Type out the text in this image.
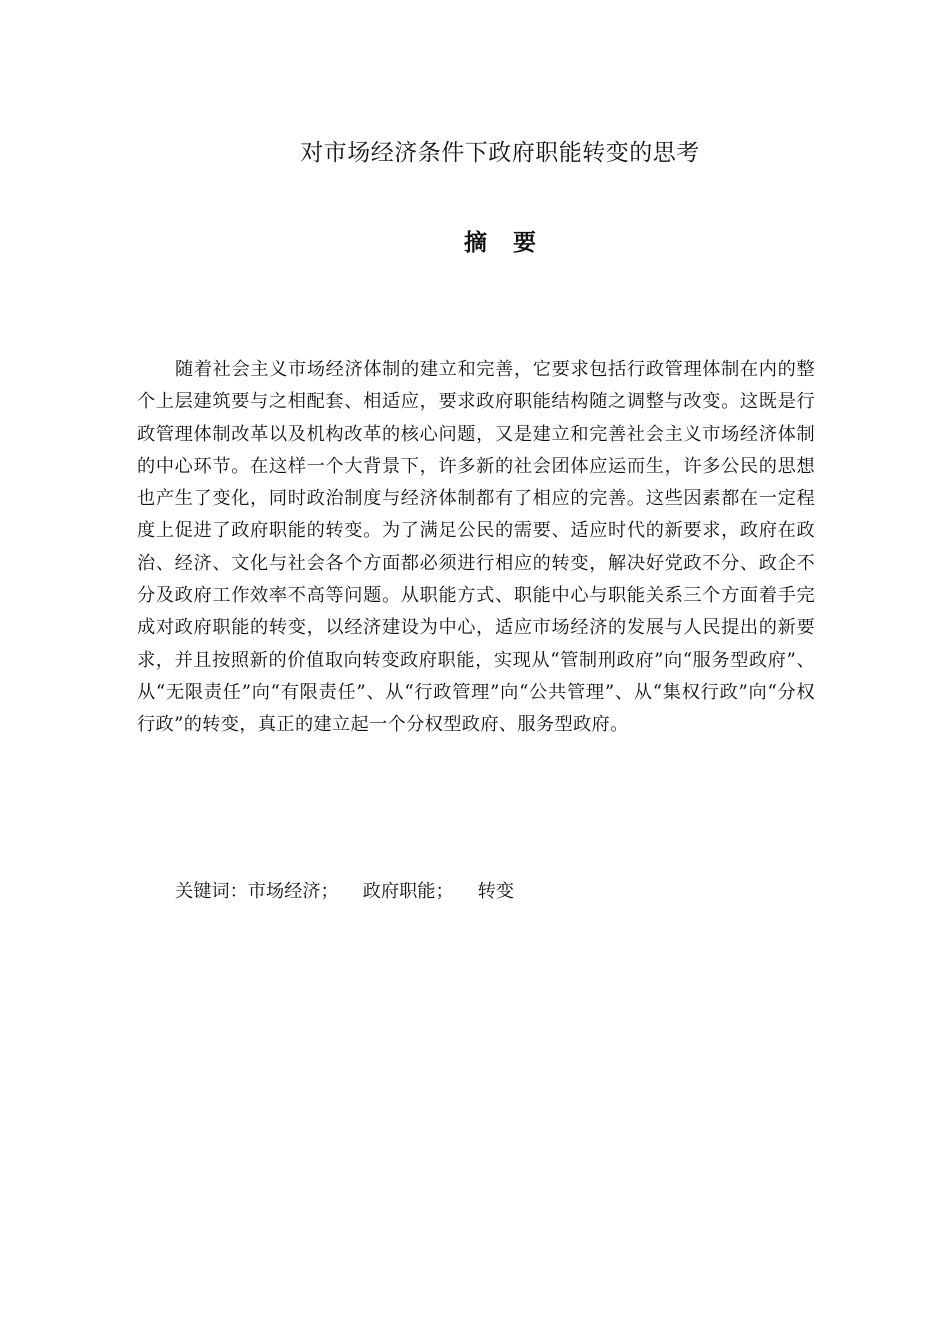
对市场经济条件下政府职能转变的思考
摘 要

随着社会主义市场经济体制的建立和完善，它要求包括行政管理体制在内的整个上层建筑要与之相配套、相适应，要求政府职能结构随之调整与改变。这既是行政管理体制改革以及机构改革的核心问题，又是建立和完善社会主义市场经济体制的中心环节。在这样一个大背景下，许多新的社会团体应运而生，许多公民的思想也产生了变化，同时政治制度与经济体制都有了相应的完善。这些因素都在一定程度上促进了政府职能的转变。为了满足公民的需要、适应时代的新要求，政府在政治、经济、文化与社会各个方面都必须进行相应的转变，解决好党政不分、政企不分及政府工作效率不高等问题。从职能方式、职能中心与职能关系三个方面着手完成对政府职能的转变，以经济建设为中心，适应市场经济的发展与人民提出的新要求，并且按照新的价值取向转变政府职能，实现从“管制刑政府”向“服务型政府”、从“无限责任”向“有限责任”、从“行政管理”向“公共管理”、从“集权行政”向“分权行政”的转变，真正的建立起一个分权型政府、服务型政府。

关键词：市场经济； 政府职能； 转变
